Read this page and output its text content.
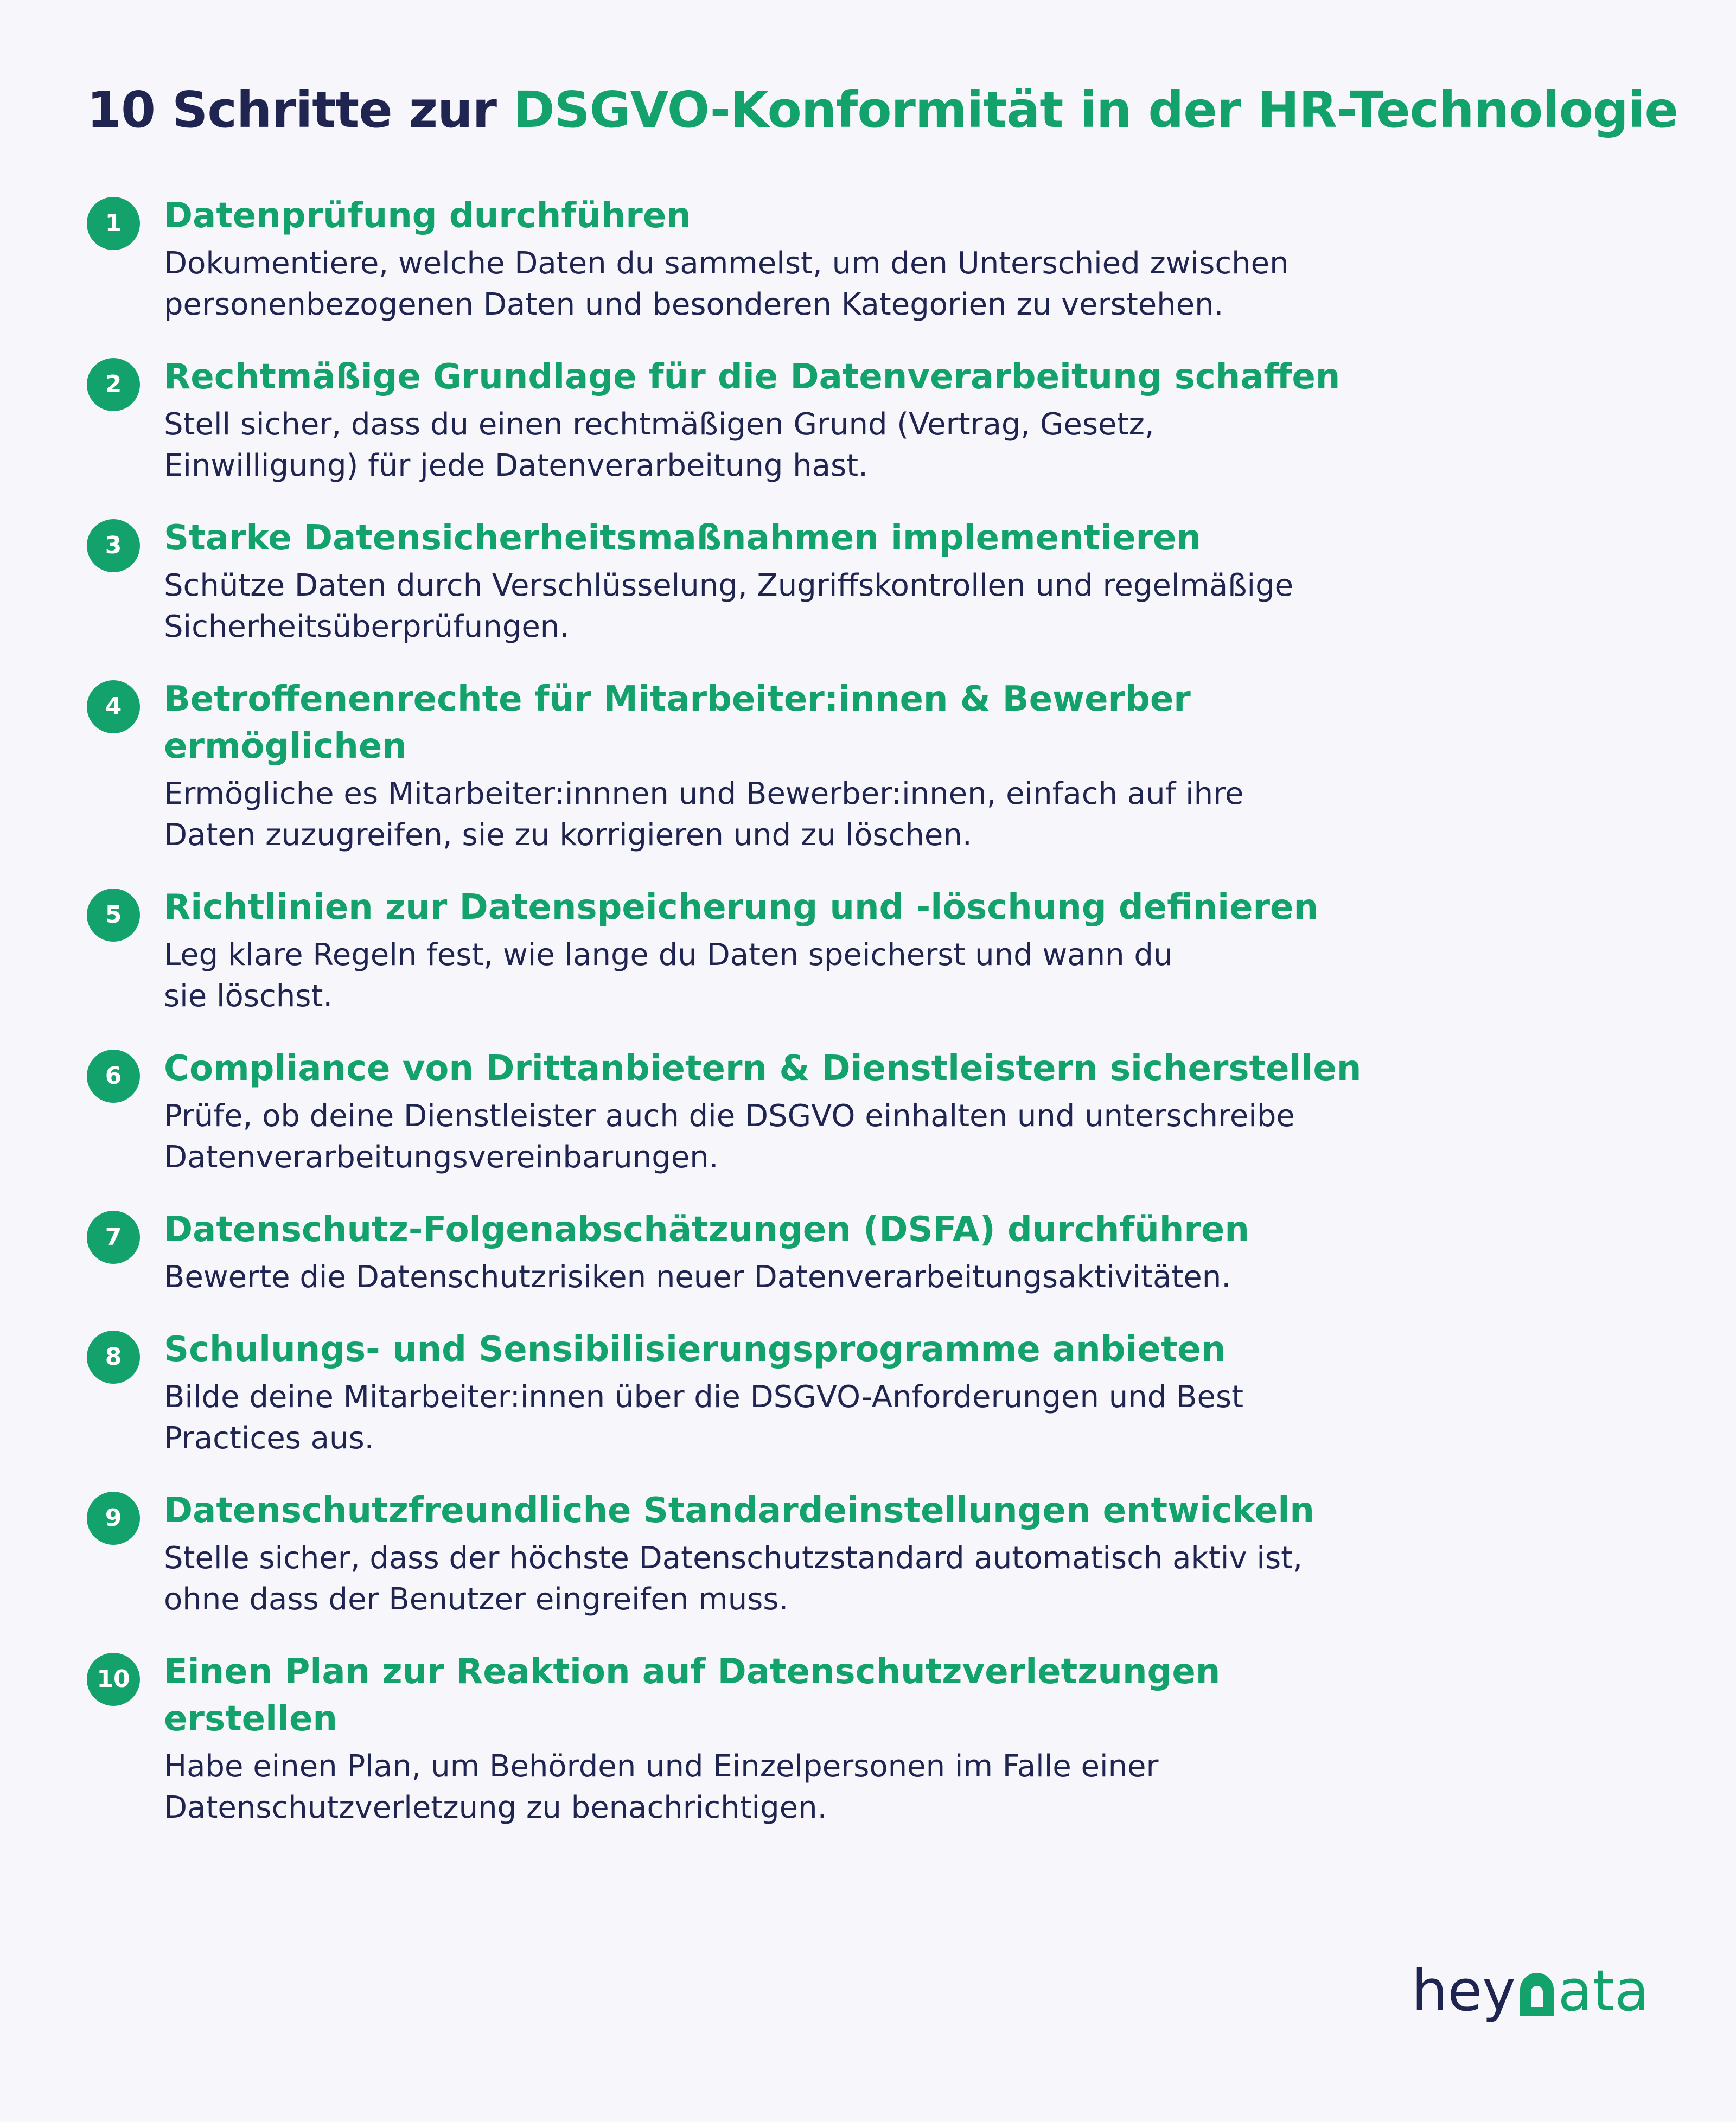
10 Schritte zur DSGVO-Konformität in der HR-Technologie
1	Datenprüfung durchführen

Dokumentiere, welche Daten du sammelst, um den Unterschied zwischen
personenbezogenen Daten und besonderen Kategorien zu verstehen.

2	Rechtmäßige Grundlage für die Datenverarbeitung schaffen

Stell sicher, dass du einen rechtmäßigen Grund (Vertrag, Gesetz,
Einwilligung) für jede Datenverarbeitung hast.

3	Starke Datensicherheitsmaßnahmen implementieren

Schütze Daten durch Verschlüsselung, Zugriffskontrollen und regelmäßige
Sicherheitsüberprüfungen.

4	Betroffenenrechte für Mitarbeiter:innen & Bewerber
ermöglichen

Ermögliche es Mitarbeiter:innnen und Bewerber:innen, einfach auf ihre
Daten zuzugreifen, sie zu korrigieren und zu löschen.

5	Richtlinien zur Datenspeicherung und -löschung definieren

Leg klare Regeln fest, wie lange du Daten speicherst und wann du
sie löschst.

6	Compliance von Drittanbietern & Dienstleistern sicherstellen

Prüfe, ob deine Dienstleister auch die DSGVO einhalten und unterschreibe
Datenverarbeitungsvereinbarungen.

7	Datenschutz-Folgenabschätzungen (DSFA) durchführen

Bewerte die Datenschutzrisiken neuer Datenverarbeitungsaktivitäten.

8	Schulungs- und Sensibilisierungsprogramme anbieten

Bilde deine Mitarbeiter:innen über die DSGVO-Anforderungen und Best
Practices aus.

9	Datenschutzfreundliche Standardeinstellungen entwickeln

Stelle sicher, dass der höchste Datenschutzstandard automatisch aktiv ist,
ohne dass der Benutzer eingreifen muss.

10 Einen Plan zur Reaktion auf Datenschutzverletzungen
erstellen

Habe einen Plan, um Behörden und Einzelpersonen im Falle einer
Datenschutzverletzung zu benachrichtigen.

hey ata
